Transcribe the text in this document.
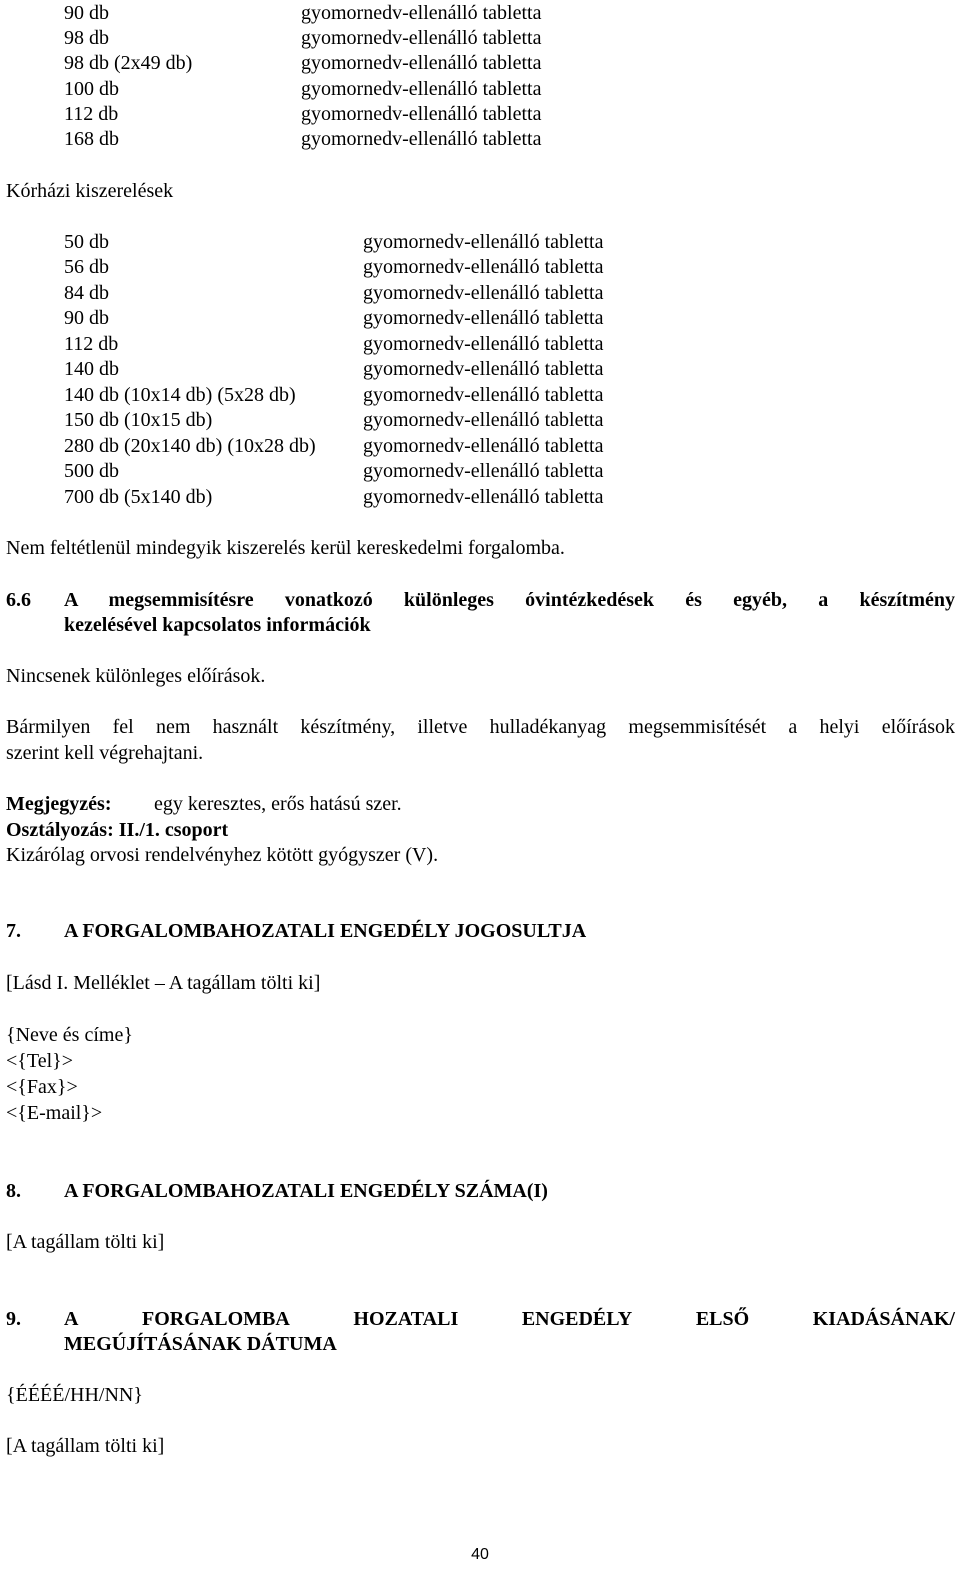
90 db	gyomornedv-ellenálló tabletta
98 db	gyomornedv-ellenálló tabletta
98 db (2x49 db)	gyomornedv-ellenálló tabletta
100 db	gyomornedv-ellenálló tabletta
112 db	gyomornedv-ellenálló tabletta
168 db	gyomornedv-ellenálló tabletta
Kórházi kiszerelések
50 db	gyomornedv-ellenálló tabletta
56 db	gyomornedv-ellenálló tabletta
84 db	gyomornedv-ellenálló tabletta
90 db	gyomornedv-ellenálló tabletta
112 db	gyomornedv-ellenálló tabletta
140 db	gyomornedv-ellenálló tabletta
140 db (10x14 db) (5x28 db)	gyomornedv-ellenálló tabletta
150 db (10x15 db)	gyomornedv-ellenálló tabletta
280 db (20x140 db) (10x28 db) gyomornedv-ellenálló tabletta
500 db	gyomornedv-ellenálló tabletta
700 db (5x140 db)	gyomornedv-ellenálló tabletta
Nem feltétlenül mindegyik kiszerelés kerül kereskedelmi forgalomba.
6.6 A megsemmisítésre vonatkozó különleges óvintézkedések és egyéb, a készítmény
kezelésével kapcsolatos információk
Nincsenek különleges előírások.
Bármilyen fel nem használt készítmény, illetve hulladékanyag megsemmisítését a helyi előírások
szerint kell végrehajtani.
Megjegyzés: egy keresztes, erős hatású szer.
Osztályozás: II./1. csoport
Kizárólag orvosi rendelvényhez kötött gyógyszer (V).
7. A FORGALOMBAHOZATALI ENGEDÉLY JOGOSULTJA
[Lásd I. Melléklet – A tagállam tölti ki]
{Neve és címe}
<{Tel}>
<{Fax}>
<{E-mail}>
8. A FORGALOMBAHOZATALI ENGEDÉLY SZÁMA(I)
[A tagállam tölti ki]
9. A	FORGALOMBA	HOZATALI	ENGEDÉLY	ELSŐ	KIADÁSÁNAK/
MEGÚJÍTÁSÁNAK DÁTUMA
{ÉÉÉÉ/HH/NN}
[A tagállam tölti ki]
40
